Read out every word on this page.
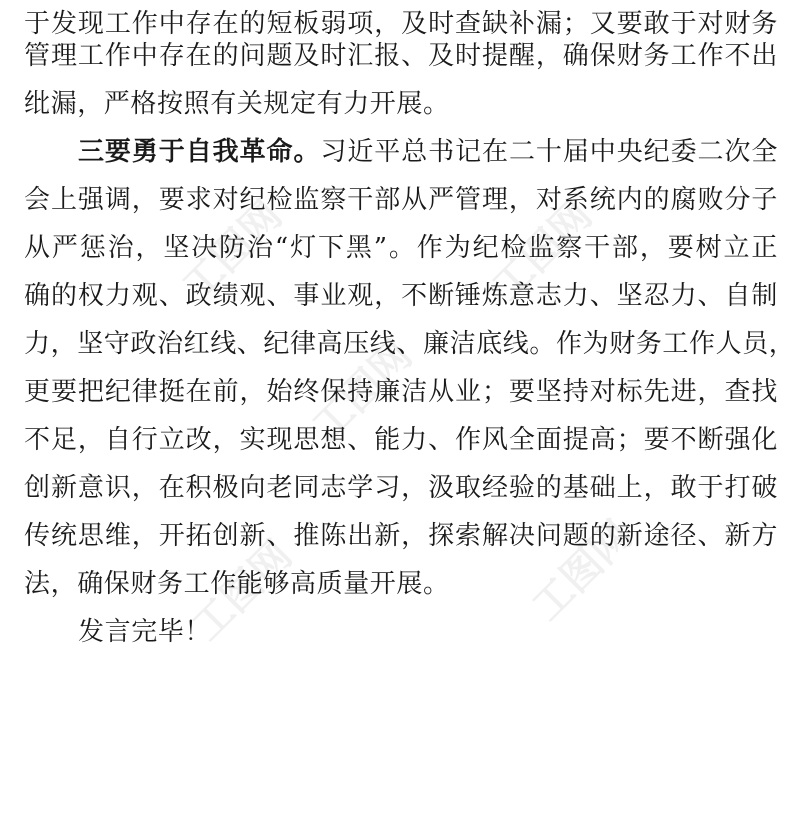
工图网
工图网
工图网
工图网	工图网
于发现工作中存在的短板弱项，及时查缺补漏；又要敢于对财务
管理工作中存在的问题及时汇报、及时提醒，确保财务工作不出
纰漏，严格按照有关规定有力开展。
三要勇于自我革命。习近平总书记在二十届中央纪委二次全
会上强调，要求对纪检监察干部从严管理，对系统内的腐败分子
从严惩治，坚决防治“灯下黑”。作为纪检监察干部，要树立正
确的权力观、政绩观、事业观，不断锤炼意志力、坚忍力、自制
力，坚守政治红线、纪律高压线、廉洁底线。作为财务工作人员，
更要把纪律挺在前，始终保持廉洁从业；要坚持对标先进，查找
不足，自行立改，实现思想、能力、作风全面提高；要不断强化
创新意识，在积极向老同志学习，汲取经验的基础上，敢于打破
传统思维，开拓创新、推陈出新，探索解决问题的新途径、新方
法，确保财务工作能够高质量开展。
发言完毕！
